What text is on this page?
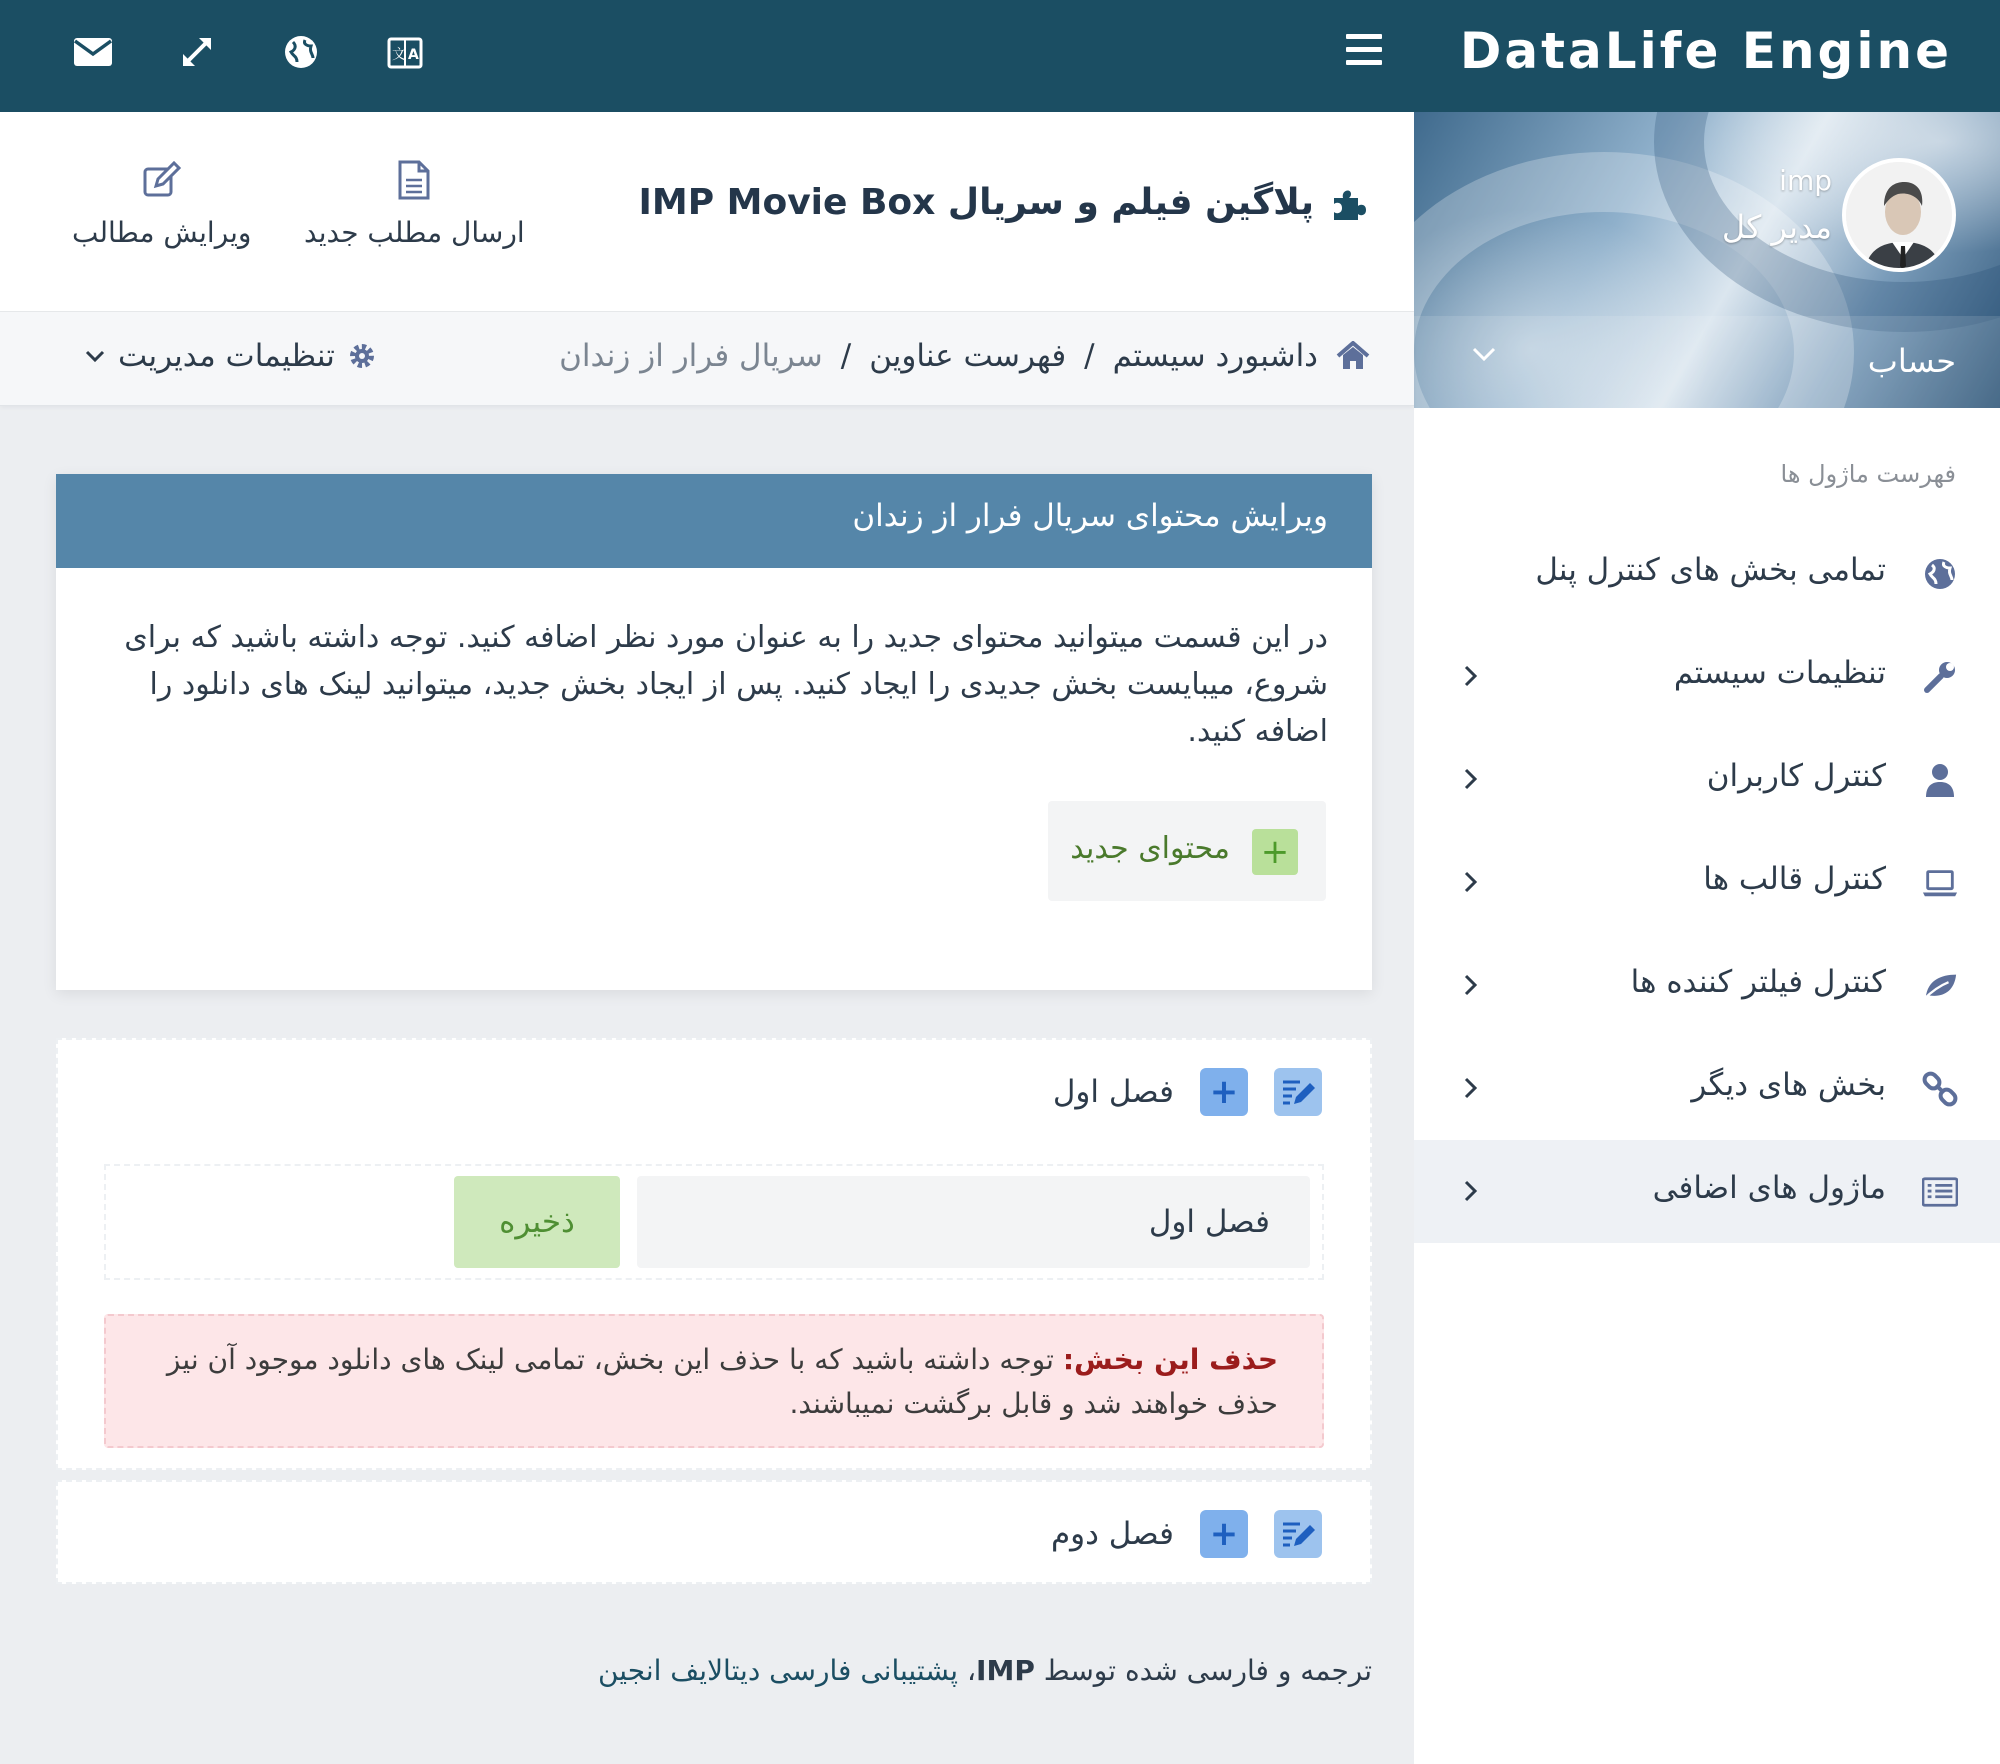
DataLife Engine
文 A
imp
مدیر کل
حساب
فهرست ماژول ها
تمامی بخش های کنترل پنل
تنظیمات سیستم
کنترل کاربران
کنترل قالب ها
کنترل فیلتر کننده ها
بخش های دیگر
ماژول های اضافی
پلاگین فیلم و سریال IMP Movie Box
ارسال مطلب جدید
ویرایش مطالب
داشبورد سیستم
/
فهرست عناوین
/
سریال فرار از زندان
تنظیمات مدیریت
ویرایش محتوای سریال فرار از زندان
در این قسمت میتوانید محتوای جدید را به عنوان مورد نظر اضافه کنید. توجه داشته باشید که برای شروع، میبایست بخش جدیدی را ایجاد کنید. پس از ایجاد بخش جدید، میتوانید لینک های دانلود را اضافه کنید.
+
محتوای جدید
+
فصل اول
فصل اول
ذخیره
حذف این بخش: توجه داشته باشید که با حذف این بخش، تمامی لینک های دانلود موجود آن نیز حذف خواهند شد و قابل برگشت نمیباشند.
+
فصل دوم
ترجمه و فارسی شده توسط IMP، پشتیبانی فارسی دیتالایف انجین
